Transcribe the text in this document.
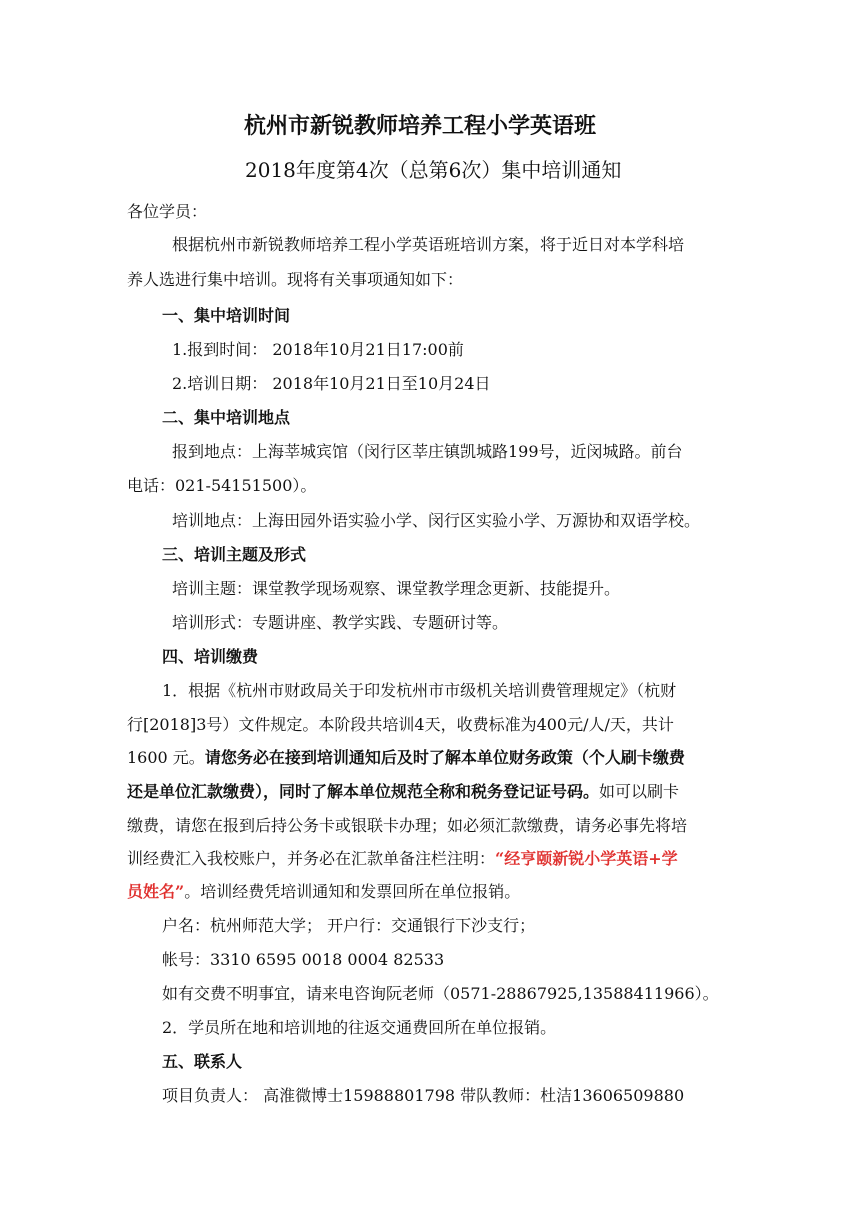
杭州市新锐教师培养工程小学英语班
2018年度第4次（总第6次）集中培训通知
各位学员：
根据杭州市新锐教师培养工程小学英语班培训方案，将于近日对本学科培
养人选进行集中培训。现将有关事项通知如下：
一、集中培训时间
1.报到时间： 2018年10月21日17:00前
2.培训日期： 2018年10月21日至10月24日
二、集中培训地点
报到地点：上海莘城宾馆（闵行区莘庄镇凯城路199号，近闵城路。前台
电话：021-54151500）。
培训地点：上海田园外语实验小学、闵行区实验小学、万源协和双语学校。
三、培训主题及形式
培训主题：课堂教学现场观察、课堂教学理念更新、技能提升。
培训形式：专题讲座、教学实践、专题研讨等。
四、培训缴费
1．根据《杭州市财政局关于印发杭州市市级机关培训费管理规定》（杭财
行[2018]3号）文件规定。本阶段共培训4天，收费标准为400元/人/天，共计
1600 元。请您务必在接到培训通知后及时了解本单位财务政策（个人刷卡缴费
还是单位汇款缴费），同时了解本单位规范全称和税务登记证号码。如可以刷卡
缴费，请您在报到后持公务卡或银联卡办理；如必须汇款缴费，请务必事先将培
训经费汇入我校账户，并务必在汇款单备注栏注明：“经亨颐新锐小学英语+学
员姓名”。培训经费凭培训通知和发票回所在单位报销。
户名：杭州师范大学； 开户行：交通银行下沙支行；
帐号：3310 6595 0018 0004 82533
如有交费不明事宜，请来电咨询阮老师（0571-28867925,13588411966）。
2．学员所在地和培训地的往返交通费回所在单位报销。
五、联系人
项目负责人： 高淮微博士15988801798 带队教师：杜洁13606509880
